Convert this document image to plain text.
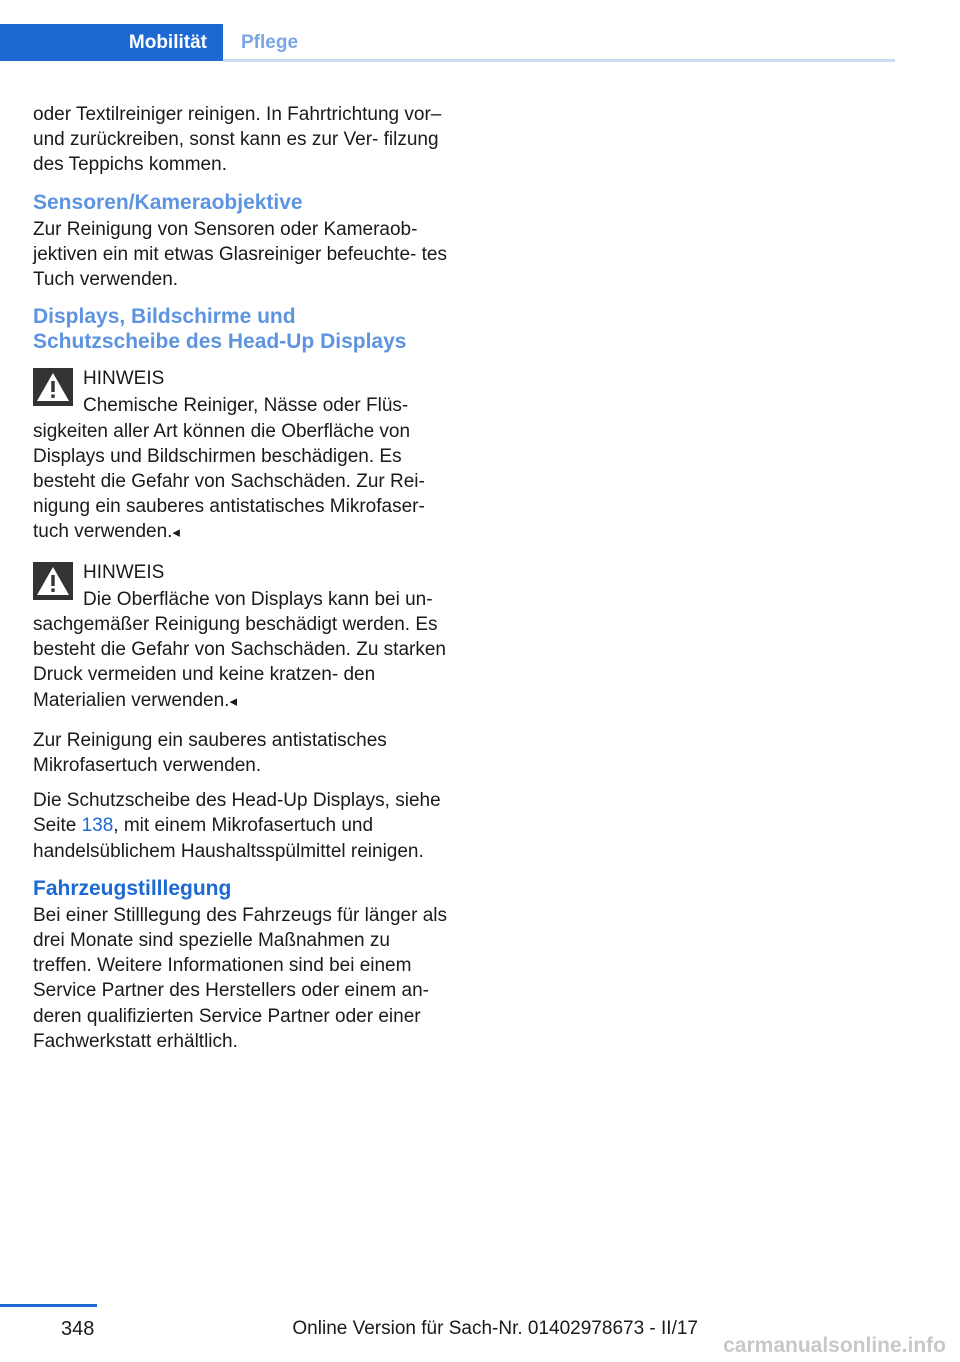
Mobilität Pflege

oder Textilreiniger reinigen. In Fahrtrichtung vor– und zurückreiben, sonst kann es zur Ver‐ filzung des Teppichs kommen.

Sensoren/Kameraobjektive

Zur Reinigung von Sensoren oder Kameraob‐ jektiven ein mit etwas Glasreiniger befeuchte‐ tes Tuch verwenden.

Displays, Bildschirme und
Schutzscheibe des Head-Up Displays
HINWEIS
Chemische Reiniger, Nässe oder Flüs‐
sigkeiten aller Art können die Oberfläche von Displays und Bildschirmen beschädigen. Es besteht die Gefahr von Sachschäden. Zur Rei‐ nigung ein sauberes antistatisches Mikrofaser‐ tuch verwenden.◂
HINWEIS
Die Oberfläche von Displays kann bei un‐
sachgemäßer Reinigung beschädigt werden. Es besteht die Gefahr von Sachschäden. Zu starken Druck vermeiden und keine kratzen‐ den Materialien verwenden.◂

Zur Reinigung ein sauberes antistatisches Mikrofasertuch verwenden.

Die Schutzscheibe des Head-Up Displays, siehe Seite 138, mit einem Mikrofasertuch und handelsüblichem Haushaltsspülmittel reinigen.

Fahrzeugstilllegung

Bei einer Stilllegung des Fahrzeugs für länger als drei Monate sind spezielle Maßnahmen zu treffen. Weitere Informationen sind bei einem Service Partner des Herstellers oder einem an‐ deren qualifizierten Service Partner oder einer Fachwerkstatt erhältlich.

348	Online Version für Sach-Nr. 01402978673 - II/17
carmanualsonline.info
